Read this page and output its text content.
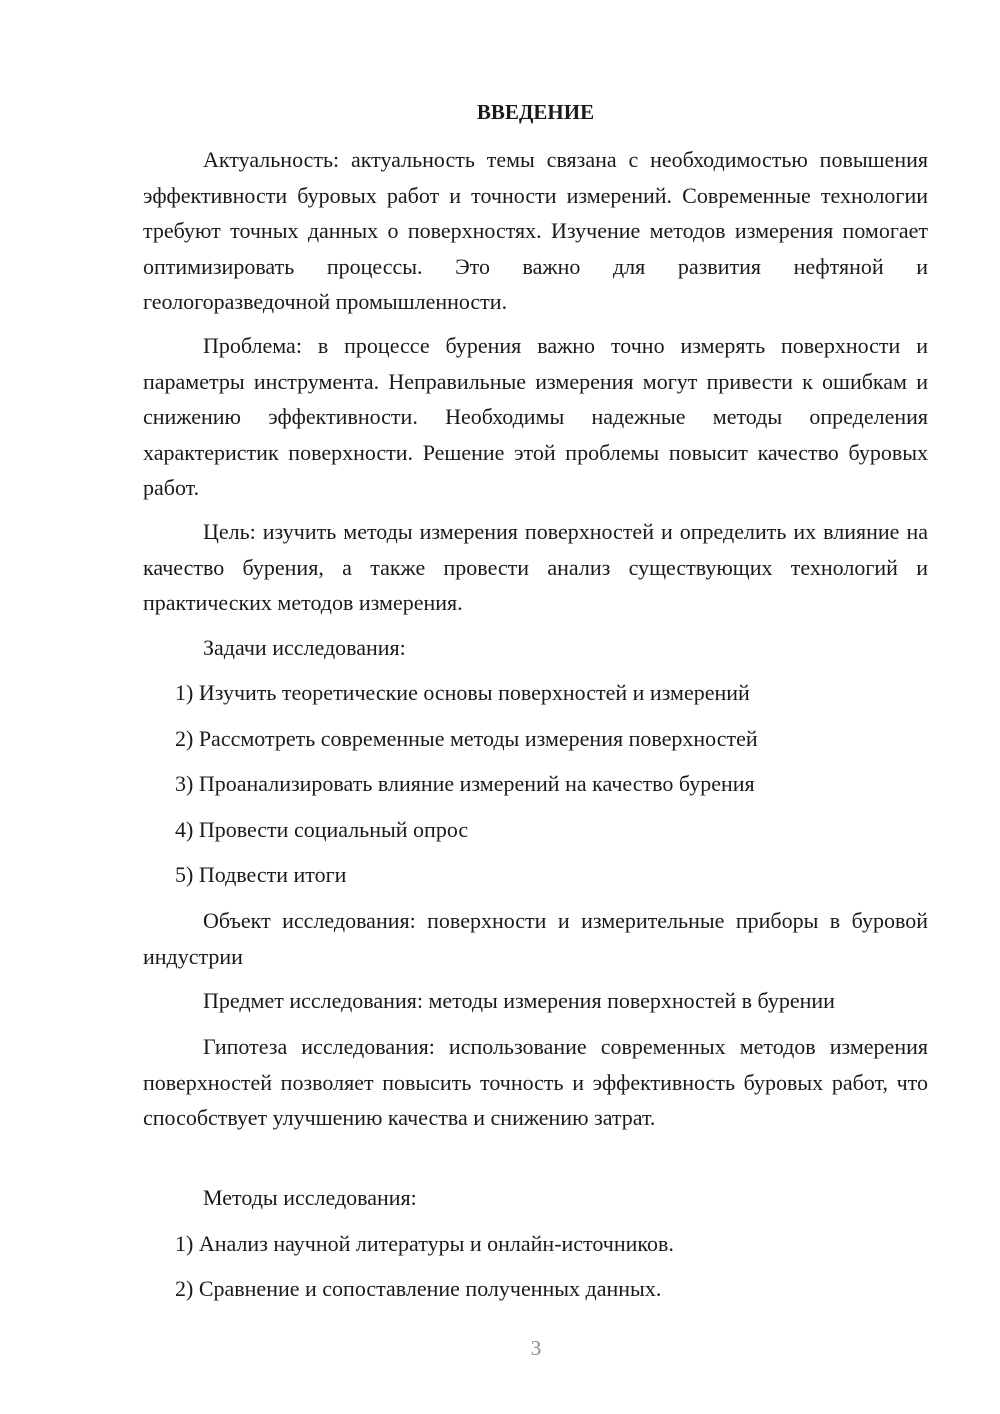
ВВЕДЕНИЕ

Актуальность: актуальность темы связана с необходимостью повышения эффективности буровых работ и точности измерений. Современные технологии требуют точных данных о поверхностях. Изучение методов измерения помогает оптимизировать процессы. Это важно для развития нефтяной и геологоразведочной промышленности.

Проблема: в процессе бурения важно точно измерять поверхности и параметры инструмента. Неправильные измерения могут привести к ошибкам и снижению эффективности. Необходимы надежные методы определения характеристик поверхности. Решение этой проблемы повысит качество буровых работ.

Цель: изучить методы измерения поверхностей и определить их влияние на качество бурения, а также провести анализ существующих технологий и практических методов измерения.

Задачи исследования:

1) Изучить теоретические основы поверхностей и измерений

2) Рассмотреть современные методы измерения поверхностей

3) Проанализировать влияние измерений на качество бурения

4) Провести социальный опрос

5) Подвести итоги

Объект исследования: поверхности и измерительные приборы в буровой индустрии

Предмет исследования: методы измерения поверхностей в бурении

Гипотеза исследования: использование современных методов измерения поверхностей позволяет повысить точность и эффективность буровых работ, что способствует улучшению качества и снижению затрат.

Методы исследования:

1) Анализ научной литературы и онлайн-источников.

2) Сравнение и сопоставление полученных данных.

3
